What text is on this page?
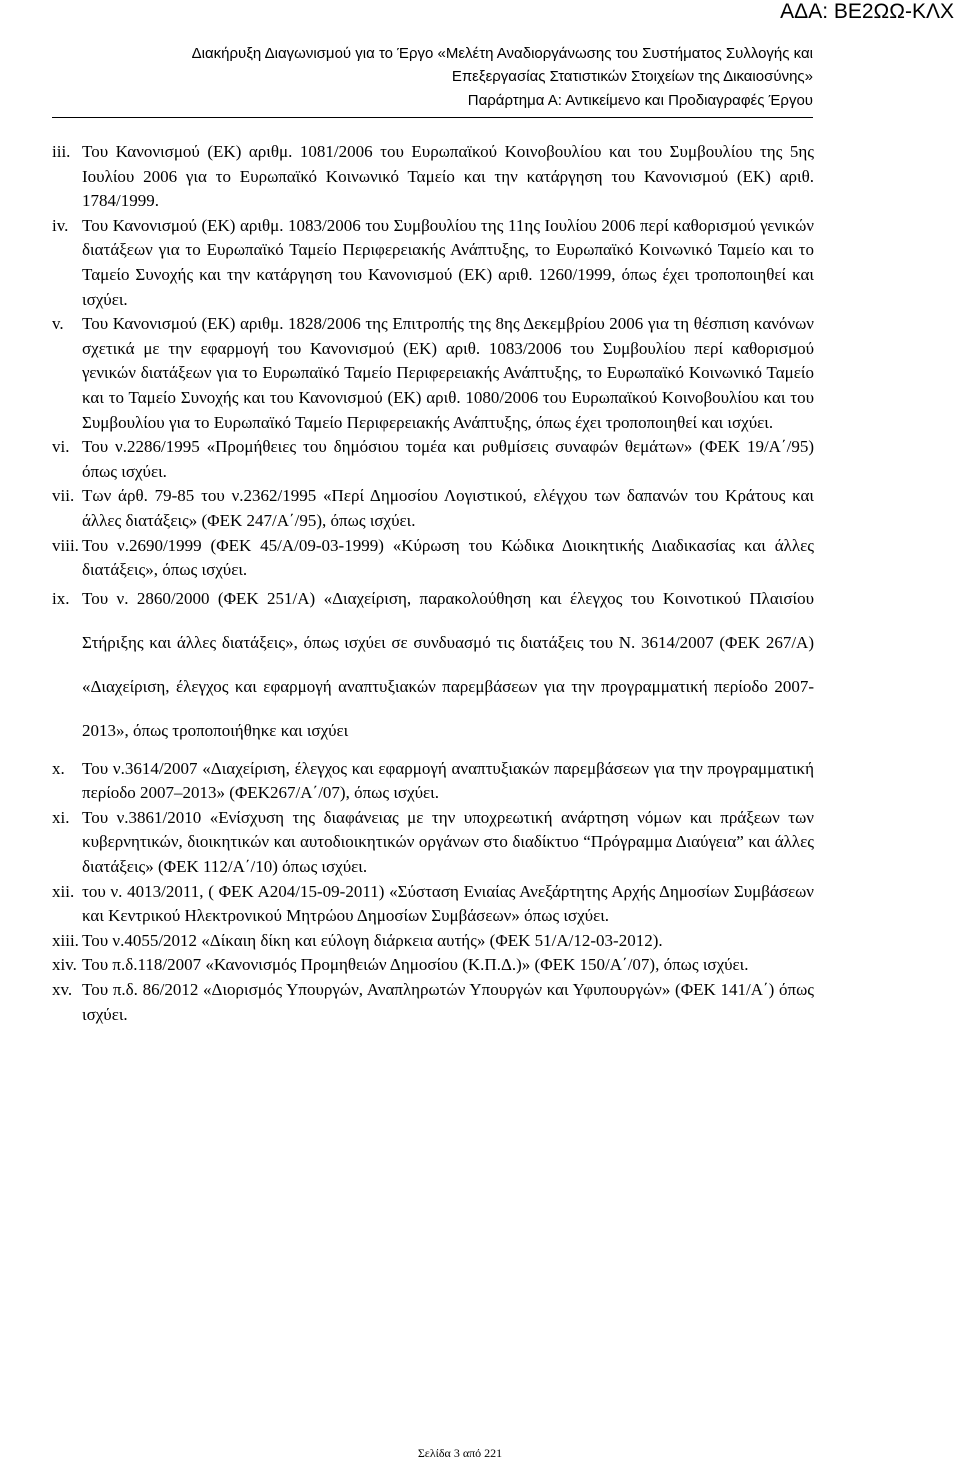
ΑΔΑ: ΒΕ2ΩΩ-ΚΛΧ
Διακήρυξη Διαγωνισμού για το Έργο «Μελέτη Αναδιοργάνωσης του Συστήματος Συλλογής και
Επεξεργασίας Στατιστικών Στοιχείων της Δικαιοσύνης»
Παράρτημα Α: Αντικείμενο και Προδιαγραφές Έργου
iii. Του Κανονισμού (ΕΚ) αριθμ. 1081/2006 του Ευρωπαϊκού Κοινοβουλίου και του Συμβουλίου της 5ης Ιουλίου 2006 για το Ευρωπαϊκό Κοινωνικό Ταμείο και την κατάργηση του Κανονισμού (ΕΚ) αριθ. 1784/1999.
iv. Του Κανονισμού (ΕΚ) αριθμ. 1083/2006 του Συμβουλίου της 11ης Ιουλίου 2006 περί καθορισμού γενικών διατάξεων για το Ευρωπαϊκό Ταμείο Περιφερειακής Ανάπτυξης, το Ευρωπαϊκό Κοινωνικό Ταμείο και το Ταμείο Συνοχής και την κατάργηση του Κανονισμού (ΕΚ) αριθ. 1260/1999, όπως έχει τροποποιηθεί και ισχύει.
v. Του Κανονισμού (ΕΚ) αριθμ. 1828/2006 της Επιτροπής της 8ης Δεκεμβρίου 2006 για τη θέσπιση κανόνων σχετικά με την εφαρμογή του Κανονισμού (ΕΚ) αριθ. 1083/2006 του Συμβουλίου περί καθορισμού γενικών διατάξεων για το Ευρωπαϊκό Ταμείο Περιφερειακής Ανάπτυξης, το Ευρωπαϊκό Κοινωνικό Ταμείο και το Ταμείο Συνοχής και του Κανονισμού (ΕΚ) αριθ. 1080/2006 του Ευρωπαϊκού Κοινοβουλίου και του Συμβουλίου για το Ευρωπαϊκό Ταμείο Περιφερειακής Ανάπτυξης, όπως έχει τροποποιηθεί και ισχύει.
vi. Του ν.2286/1995 «Προμήθειες του δημόσιου τομέα και ρυθμίσεις συναφών θεμάτων» (ΦΕΚ 19/Α΄/95) όπως ισχύει.
vii. Των άρθ. 79-85 του ν.2362/1995 «Περί Δημοσίου Λογιστικού, ελέγχου των δαπανών του Κράτους και άλλες διατάξεις» (ΦΕΚ 247/Α΄/95), όπως ισχύει.
viii. Του ν.2690/1999 (ΦΕΚ 45/Α/09-03-1999) «Κύρωση του Κώδικα Διοικητικής Διαδικασίας και άλλες διατάξεις», όπως ισχύει.
ix. Του ν. 2860/2000 (ΦΕΚ 251/Α) «Διαχείριση, παρακολούθηση και έλεγχος του Κοινοτικού Πλαισίου Στήριξης και άλλες διατάξεις», όπως ισχύει σε συνδυασμό τις διατάξεις του Ν. 3614/2007 (ΦΕΚ 267/Α) «Διαχείριση, έλεγχος και εφαρμογή αναπτυξιακών παρεμβάσεων για την προγραμματική περίοδο 2007-2013», όπως τροποποιήθηκε και ισχύει
x. Του ν.3614/2007 «Διαχείριση, έλεγχος και εφαρμογή αναπτυξιακών παρεμβάσεων για την προγραμματική περίοδο 2007–2013» (ΦΕΚ267/Α΄/07), όπως ισχύει.
xi. Του ν.3861/2010 «Ενίσχυση της διαφάνειας με την υποχρεωτική ανάρτηση νόμων και πράξεων των κυβερνητικών, διοικητικών και αυτοδιοικητικών οργάνων στο διαδίκτυο “Πρόγραμμα Διαύγεια” και άλλες διατάξεις» (ΦΕΚ 112/Α΄/10) όπως ισχύει.
xii. του ν. 4013/2011, ( ΦΕΚ Α204/15-09-2011) «Σύσταση Ενιαίας Ανεξάρτητης Αρχής Δημοσίων Συμβάσεων και Κεντρικού Ηλεκτρονικού Μητρώου Δημοσίων Συμβάσεων» όπως ισχύει.
xiii. Του ν.4055/2012 «Δίκαιη δίκη και εύλογη διάρκεια αυτής» (ΦΕΚ 51/Α/12-03-2012).
xiv. Του π.δ.118/2007 «Κανονισμός Προμηθειών Δημοσίου (Κ.Π.Δ.)» (ΦΕΚ 150/Α΄/07), όπως ισχύει.
xv. Του π.δ. 86/2012 «Διορισμός Υπουργών, Αναπληρωτών Υπουργών και Υφυπουργών» (ΦΕΚ 141/Α΄) όπως ισχύει.
Σελίδα 3 από 221
